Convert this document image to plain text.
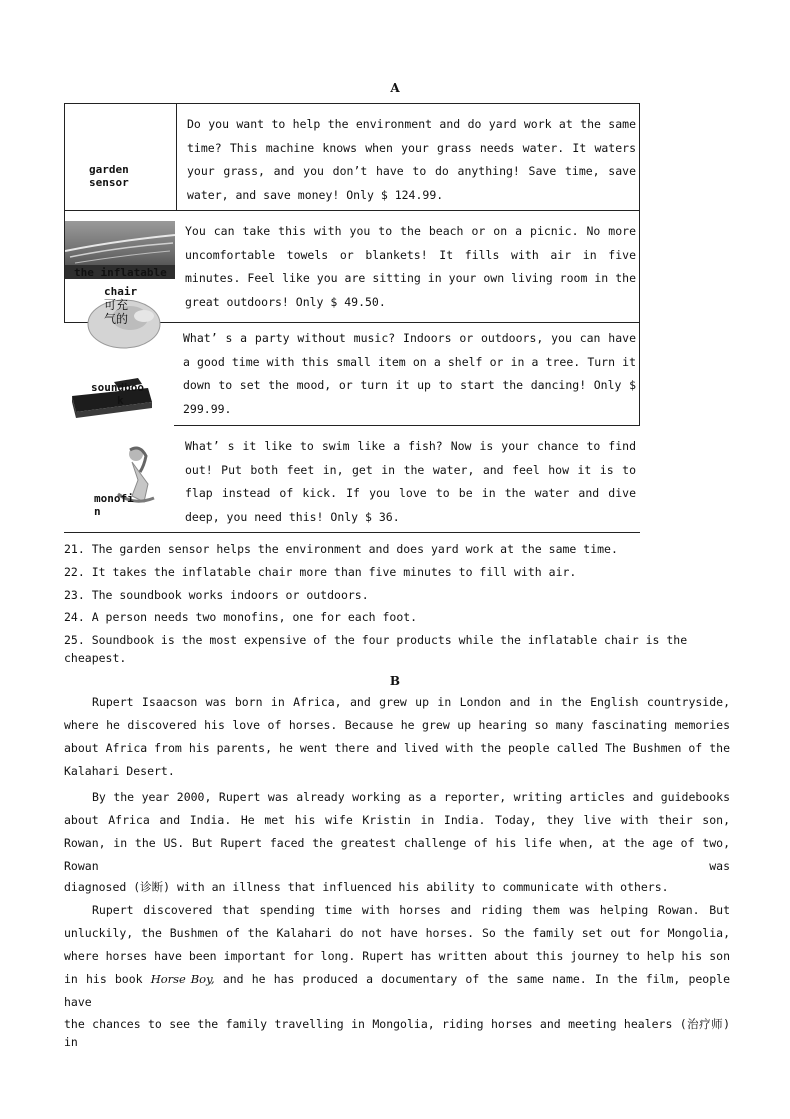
A
garden sensor
Do you want to help the environment and do yard work at the same time? This machine knows when your grass needs water. It waters your grass, and you don’t have to do anything! Save time, save water, and save money! Only $ 124.99.
the inflatable
chair
可充气的
You can take this with you to the beach or on a picnic. No more uncomfortable towels or blankets! It fills with air in five minutes. Feel like you are sitting in your own living room in the great outdoors! Only $ 49.50.
What’ s a party without music? Indoors or outdoors, you can have a good time with this small item on a shelf or in a tree. Turn it down to set the mood, or turn it up to start the dancing! Only $ 299.99.
soundboo
k
monofi
n
What’ s it like to swim like a fish? Now is your chance to find out! Put both feet in, get in the water, and feel how it is to flap instead of kick. If you love to be in the water and dive deep, you need this! Only $ 36.
21. The garden sensor helps the environment and does yard work at the same time.
22. It takes the inflatable chair more than five minutes to fill with air.
23. The soundbook works indoors or outdoors.
24. A person needs two monofins, one for each foot.
25. Soundbook is the most expensive of the four products while the inflatable chair is the cheapest.
B
Rupert Isaacson was born in Africa, and grew up in London and in the English countryside, where he discovered his love of horses. Because he grew up hearing so many fascinating memories about Africa from his parents, he went there and lived with the people called The Bushmen of the Kalahari Desert.
By the year 2000, Rupert was already working as a reporter, writing articles and guidebooks about Africa and India. He met his wife Kristin in India. Today, they live with their son, Rowan, in the US. But Rupert faced the greatest challenge of his life when, at the age of two, Rowan was
diagnosed (诊断) with an illness that influenced his ability to communicate with others.
Rupert discovered that spending time with horses and riding them was helping Rowan. But unluckily, the Bushmen of the Kalahari do not have horses. So the family set out for Mongolia, where horses have been important for long. Rupert has written about this journey to help his son in his book Horse Boy, and he has produced a documentary of the same name. In the film, people have
the chances to see the family travelling in Mongolia, riding horses and meeting healers (治疗师) in
